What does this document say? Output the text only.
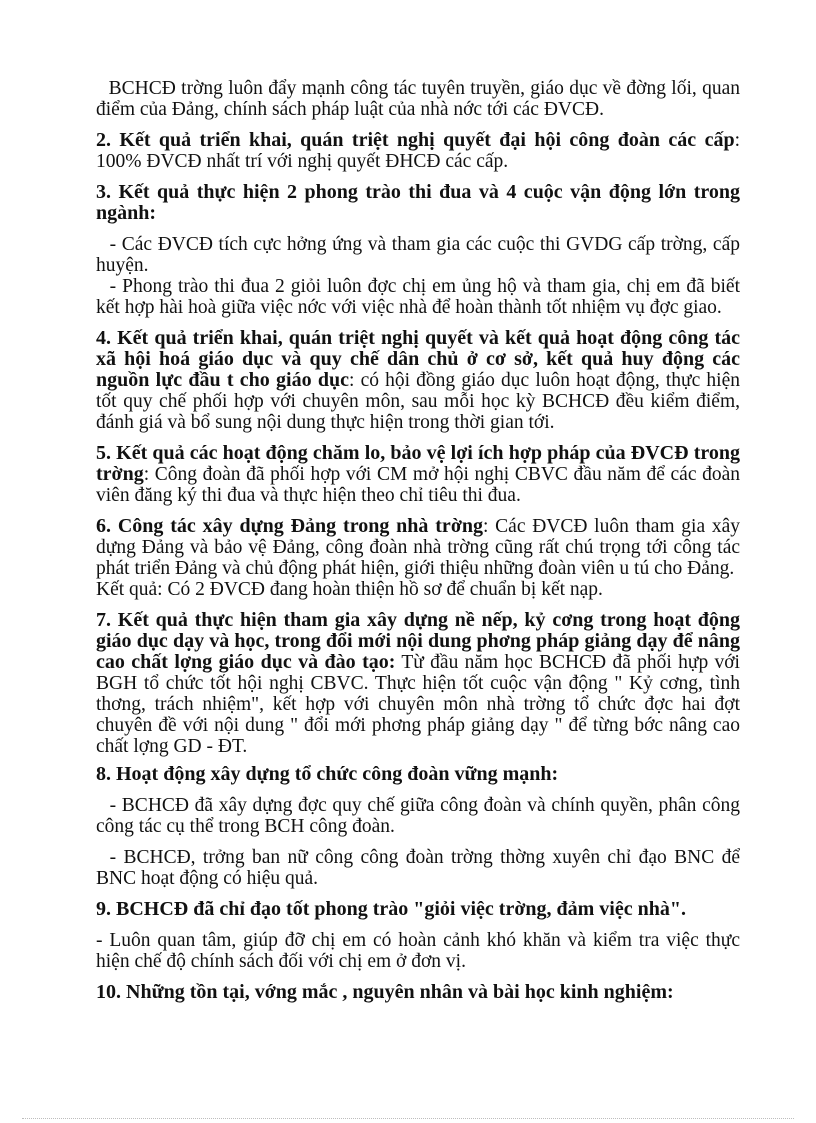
BCHCĐ trờng luôn đẩy mạnh công tác tuyên truyền, giáo dục về đờng lối, quan điểm của Đảng, chính sách pháp luật của nhà nớc tới các ĐVCĐ.

2. Kết quả triển khai, quán triệt nghị quyết đại hội công đoàn các cấp: 100% ĐVCĐ nhất trí với nghị quyết ĐHCĐ các cấp.

3. Kết quả thực hiện 2 phong trào thi đua và 4 cuộc vận động lớn trong ngành:

- Các ĐVCĐ tích cực hởng ứng và tham gia các cuộc thi GVDG cấp trờng, cấp huyện.

- Phong trào thi đua 2 giỏi luôn đợc chị em ủng hộ và tham gia, chị em đã biết kết hợp hài hoà giữa việc nớc với việc nhà để hoàn thành tốt nhiệm vụ đợc giao.

4. Kết quả triển khai, quán triệt nghị quyết và kết quả hoạt động công tác xã hội hoá giáo dục và quy chế dân chủ ở cơ sở, kết quả huy động các nguồn lực đầu t cho giáo dục: có hội đồng giáo dục luôn hoạt động, thực hiện tốt quy chế phối hợp với chuyên môn, sau mỗi học kỳ BCHCĐ đều kiểm điểm, đánh giá và bổ sung nội dung thực hiện trong thời gian tới.

5. Kết quả các hoạt động chăm lo, bảo vệ lợi ích hợp pháp của ĐVCĐ trong trờng: Công đoàn đã phối hợp với CM mở hội nghị CBVC đầu năm để các đoàn viên đăng ký thi đua và thực hiện theo chỉ tiêu thi đua.

6. Công tác xây dựng Đảng trong nhà trờng: Các ĐVCĐ luôn tham gia xây dựng Đảng và bảo vệ Đảng, công đoàn nhà trờng cũng rất chú trọng tới công tác phát triển Đảng và chủ động phát hiện, giới thiệu những đoàn viên u tú cho Đảng.

Kết quả: Có 2 ĐVCĐ đang hoàn thiện hồ sơ để chuẩn bị kết nạp.

7. Kết quả thực hiện tham gia xây dựng nề nếp, kỷ cơng trong hoạt động giáo dục dạy và học, trong đổi mới nội dung phơng pháp giảng dạy để nâng cao chất lợng giáo dục và đào tạo: Từ đầu năm học BCHCĐ đã phối hựp với BGH tổ chức tốt hội nghị CBVC. Thực hiện tốt cuộc vận động " Kỷ cơng, tình thơng, trách nhiệm", kết hợp với chuyên môn nhà trờng tổ chức đợc hai đợt chuyên đề với nội dung " đổi mới phơng pháp giảng dạy " để từng bớc nâng cao chất lợng GD - ĐT.

8. Hoạt động xây dựng tổ chức công đoàn vững mạnh:

- BCHCĐ đã xây dựng đợc quy chế giữa công đoàn và chính quyền, phân công công tác cụ thể trong BCH công đoàn.

- BCHCĐ, trởng ban nữ công công đoàn trờng thờng xuyên chỉ đạo BNC để BNC hoạt động có hiệu quả.

9. BCHCĐ đã chỉ đạo tốt phong trào "giỏi việc trờng, đảm việc nhà".

- Luôn quan tâm, giúp đỡ chị em có hoàn cảnh khó khăn và kiểm tra việc thực hiện chế độ chính sách đối với chị em ở đơn vị.

10. Những tồn tại, vớng mắc , nguyên nhân và bài học kinh nghiệm:
